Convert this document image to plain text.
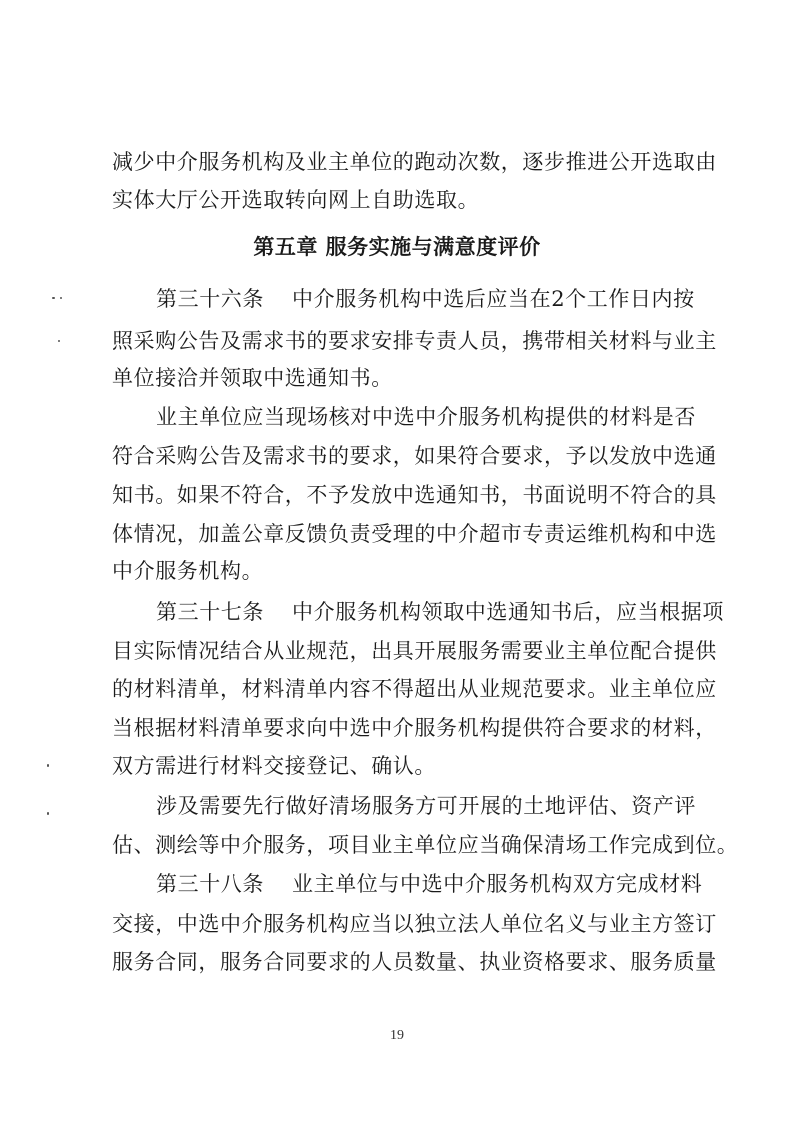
减少中介服务机构及业主单位的跑动次数，逐步推进公开选取由
实体大厅公开选取转向网上自助选取。
第五章 服务实施与满意度评价
第三十六条 中介服务机构中选后应当在2个工作日内按
照采购公告及需求书的要求安排专责人员，携带相关材料与业主
单位接洽并领取中选通知书。
业主单位应当现场核对中选中介服务机构提供的材料是否
符合采购公告及需求书的要求，如果符合要求，予以发放中选通
知书。如果不符合，不予发放中选通知书，书面说明不符合的具
体情况，加盖公章反馈负责受理的中介超市专责运维机构和中选
中介服务机构。
第三十七条 中介服务机构领取中选通知书后，应当根据项
目实际情况结合从业规范，出具开展服务需要业主单位配合提供
的材料清单，材料清单内容不得超出从业规范要求。业主单位应
当根据材料清单要求向中选中介服务机构提供符合要求的材料，
双方需进行材料交接登记、确认。
涉及需要先行做好清场服务方可开展的土地评估、资产评
估、测绘等中介服务，项目业主单位应当确保清场工作完成到位。
第三十八条 业主单位与中选中介服务机构双方完成材料
交接，中选中介服务机构应当以独立法人单位名义与业主方签订
服务合同，服务合同要求的人员数量、执业资格要求、服务质量
19
